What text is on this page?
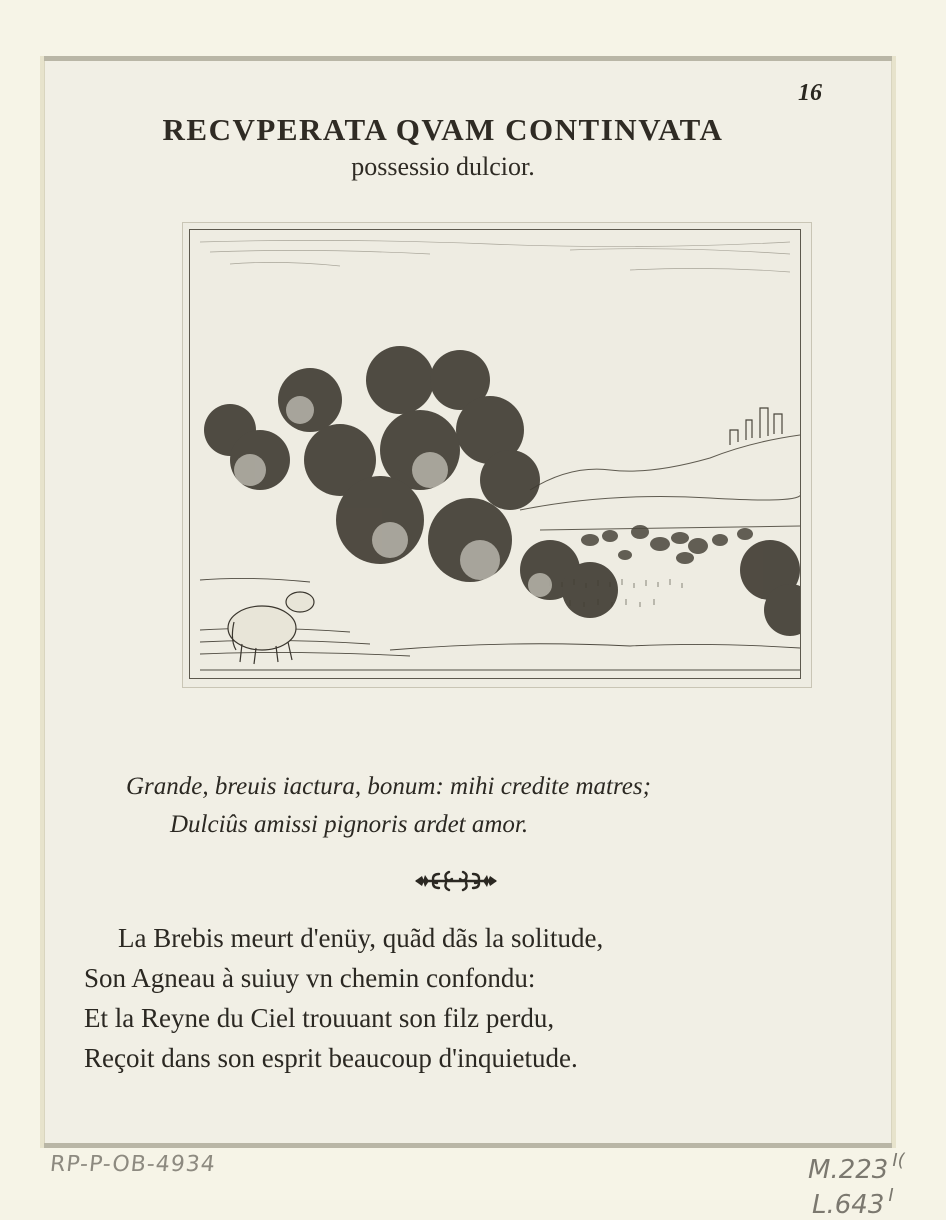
16
RECVPERATA QVAM CONTINVATA
possessio dulcior.
Grande, breuis iactura, bonum: mihi credite matres;
Dulciûs amissi pignoris ardet amor.
La Brebis meurt d'enüy, quãd dãs la solitude,
Son Agneau à suiuy vn chemin confondu:
Et la Reyne du Ciel trouuant son filz perdu,
Reçoit dans son esprit beaucoup d'inquietude.
RP-P-OB-4934	M.223 $^{I(}$
L.643 $^I$
